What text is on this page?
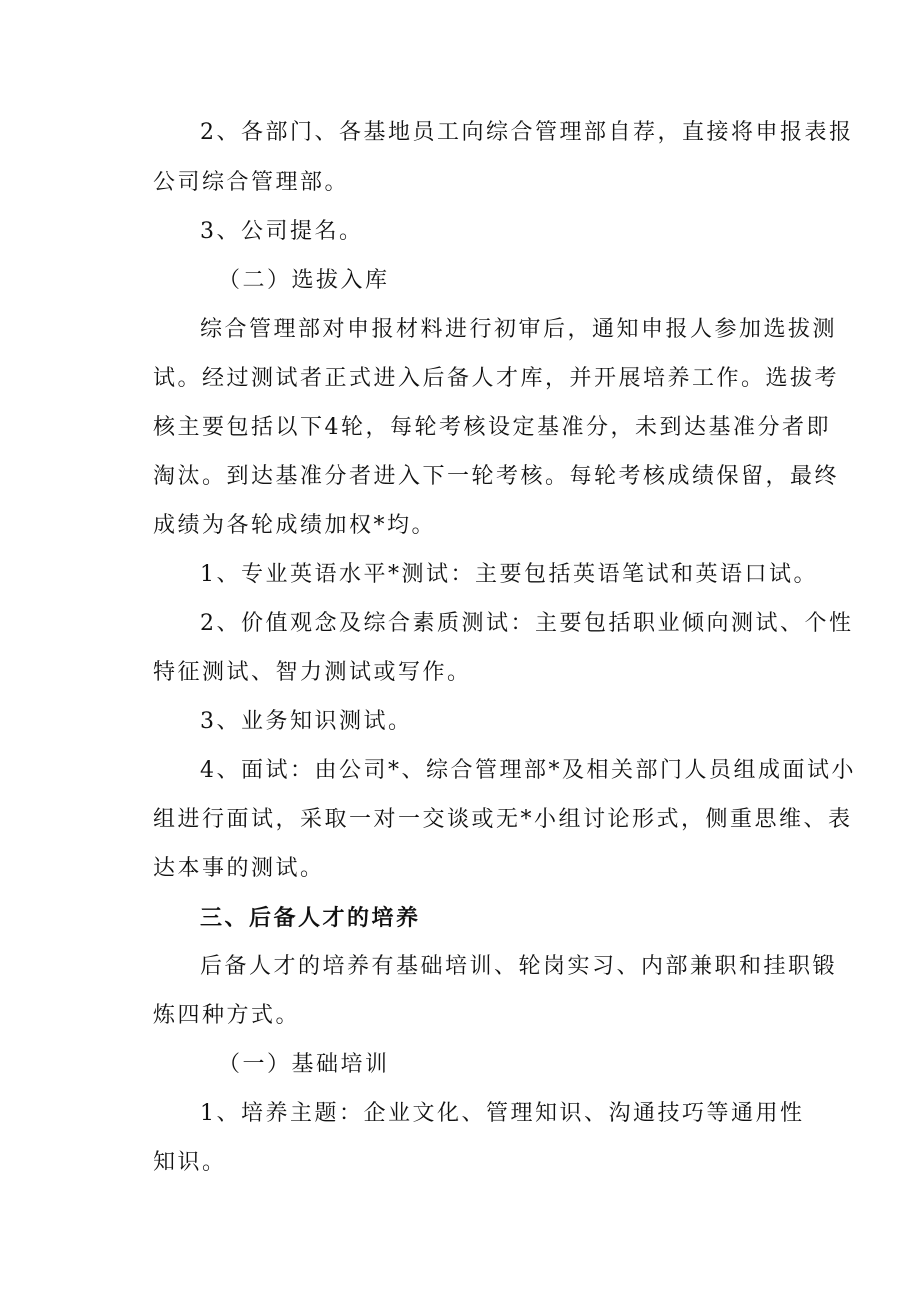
2、各部门、各基地员工向综合管理部自荐，直接将申报表报

公司综合管理部。

3、公司提名。

（二）选拔入库

综合管理部对申报材料进行初审后，通知申报人参加选拔测

试。经过测试者正式进入后备人才库，并开展培养工作。选拔考

核主要包括以下4轮，每轮考核设定基准分，未到达基准分者即

淘汰。到达基准分者进入下一轮考核。每轮考核成绩保留，最终

成绩为各轮成绩加权*均。

1、专业英语水平*测试：主要包括英语笔试和英语口试。

2、价值观念及综合素质测试：主要包括职业倾向测试、个性

特征测试、智力测试或写作。

3、业务知识测试。

4、面试：由公司*、综合管理部*及相关部门人员组成面试小

组进行面试，采取一对一交谈或无*小组讨论形式，侧重思维、表

达本事的测试。

三、后备人才的培养

后备人才的培养有基础培训、轮岗实习、内部兼职和挂职锻

炼四种方式。

（一）基础培训

1、培养主题：企业文化、管理知识、沟通技巧等通用性

知识。
